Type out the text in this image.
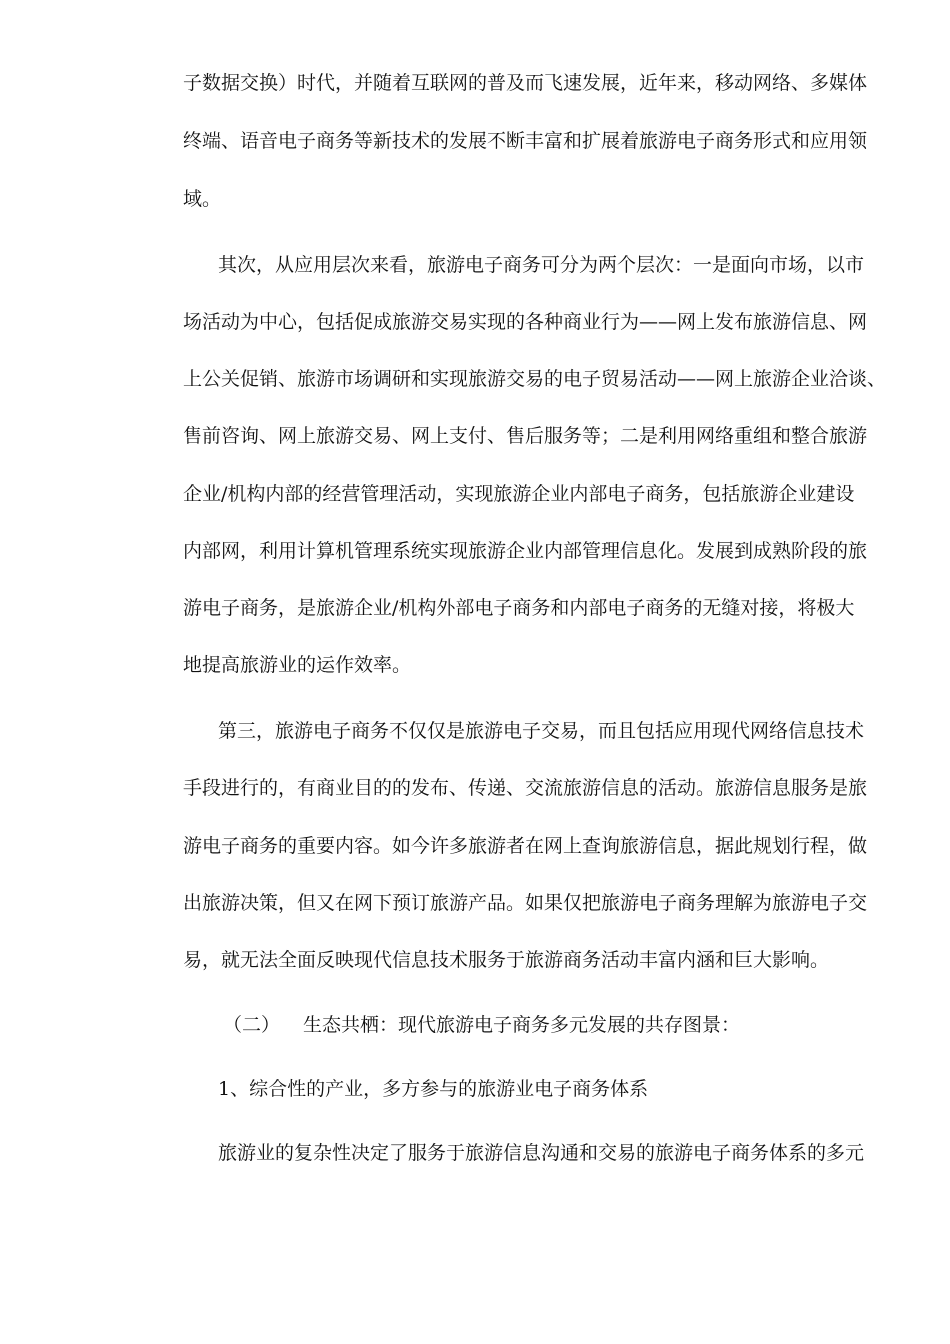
子数据交换）时代，并随着互联网的普及而飞速发展，近年来，移动网络、多媒体
终端、语音电子商务等新技术的发展不断丰富和扩展着旅游电子商务形式和应用领
域。
其次，从应用层次来看，旅游电子商务可分为两个层次：一是面向市场，以市
场活动为中心，包括促成旅游交易实现的各种商业行为——网上发布旅游信息、网
上公关促销、旅游市场调研和实现旅游交易的电子贸易活动——网上旅游企业洽谈、
售前咨询、网上旅游交易、网上支付、售后服务等；二是利用网络重组和整合旅游
企业/机构内部的经营管理活动，实现旅游企业内部电子商务，包括旅游企业建设
内部网，利用计算机管理系统实现旅游企业内部管理信息化。发展到成熟阶段的旅
游电子商务，是旅游企业/机构外部电子商务和内部电子商务的无缝对接，将极大
地提高旅游业的运作效率。
第三，旅游电子商务不仅仅是旅游电子交易，而且包括应用现代网络信息技术
手段进行的，有商业目的的发布、传递、交流旅游信息的活动。旅游信息服务是旅
游电子商务的重要内容。如今许多旅游者在网上查询旅游信息，据此规划行程，做
出旅游决策，但又在网下预订旅游产品。如果仅把旅游电子商务理解为旅游电子交
易，就无法全面反映现代信息技术服务于旅游商务活动丰富内涵和巨大影响。
（二） 生态共栖：现代旅游电子商务多元发展的共存图景：
1、综合性的产业，多方参与的旅游业电子商务体系
旅游业的复杂性决定了服务于旅游信息沟通和交易的旅游电子商务体系的多元
